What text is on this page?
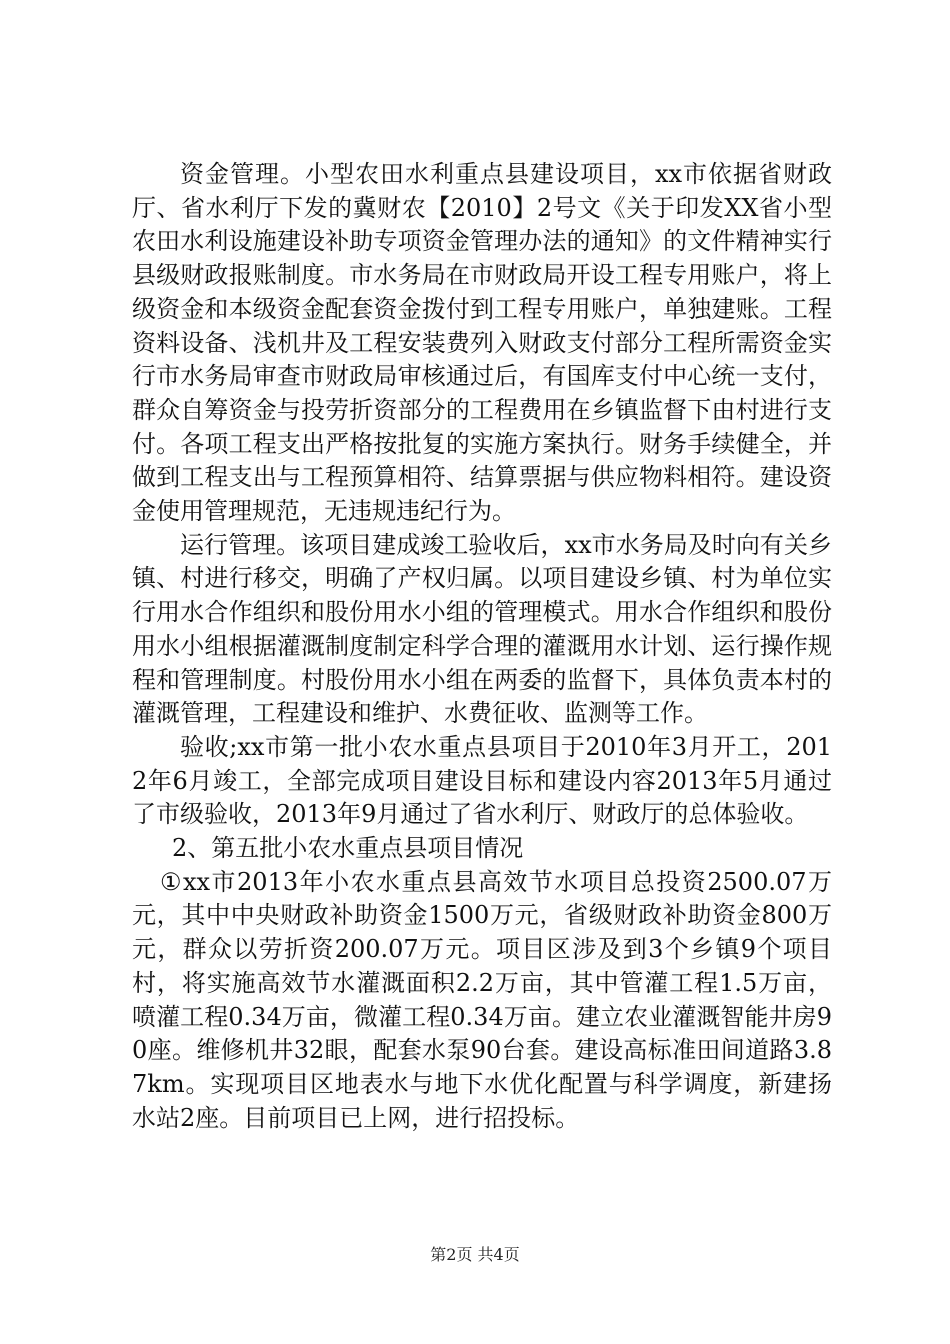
资金管理。小型农田水利重点县建设项目，xx市依据省财政厅、省水利厅下发的冀财农【2010】2号文《关于印发XX省小型农田水利设施建设补助专项资金管理办法的通知》的文件精神实行县级财政报账制度。市水务局在市财政局开设工程专用账户，将上级资金和本级资金配套资金拨付到工程专用账户，单独建账。工程资料设备、浅机井及工程安装费列入财政支付部分工程所需资金实行市水务局审查市财政局审核通过后，有国库支付中心统一支付，群众自筹资金与投劳折资部分的工程费用在乡镇监督下由村进行支付。各项工程支出严格按批复的实施方案执行。财务手续健全，并做到工程支出与工程预算相符、结算票据与供应物料相符。建设资金使用管理规范，无违规违纪行为。

运行管理。该项目建成竣工验收后，xx市水务局及时向有关乡镇、村进行移交，明确了产权归属。以项目建设乡镇、村为单位实行用水合作组织和股份用水小组的管理模式。用水合作组织和股份用水小组根据灌溉制度制定科学合理的灌溉用水计划、运行操作规程和管理制度。村股份用水小组在两委的监督下，具体负责本村的灌溉管理，工程建设和维护、水费征收、监测等工作。

验收;xx市第一批小农水重点县项目于2010年3月开工，2012年6月竣工，全部完成项目建设目标和建设内容2013年5月通过了市级验收，2013年9月通过了省水利厅、财政厅的总体验收。

2、第五批小农水重点县项目情况

①xx市2013年小农水重点县高效节水项目总投资2500.07万元，其中中央财政补助资金1500万元，省级财政补助资金800万元，群众以劳折资200.07万元。项目区涉及到3个乡镇9个项目村，将实施高效节水灌溉面积2.2万亩，其中管灌工程1.5万亩，喷灌工程0.34万亩，微灌工程0.34万亩。建立农业灌溉智能井房90座。维修机井32眼，配套水泵90台套。建设高标准田间道路3.87km。实现项目区地表水与地下水优化配置与科学调度，新建扬水站2座。目前项目已上网，进行招投标。

第2页 共4页
